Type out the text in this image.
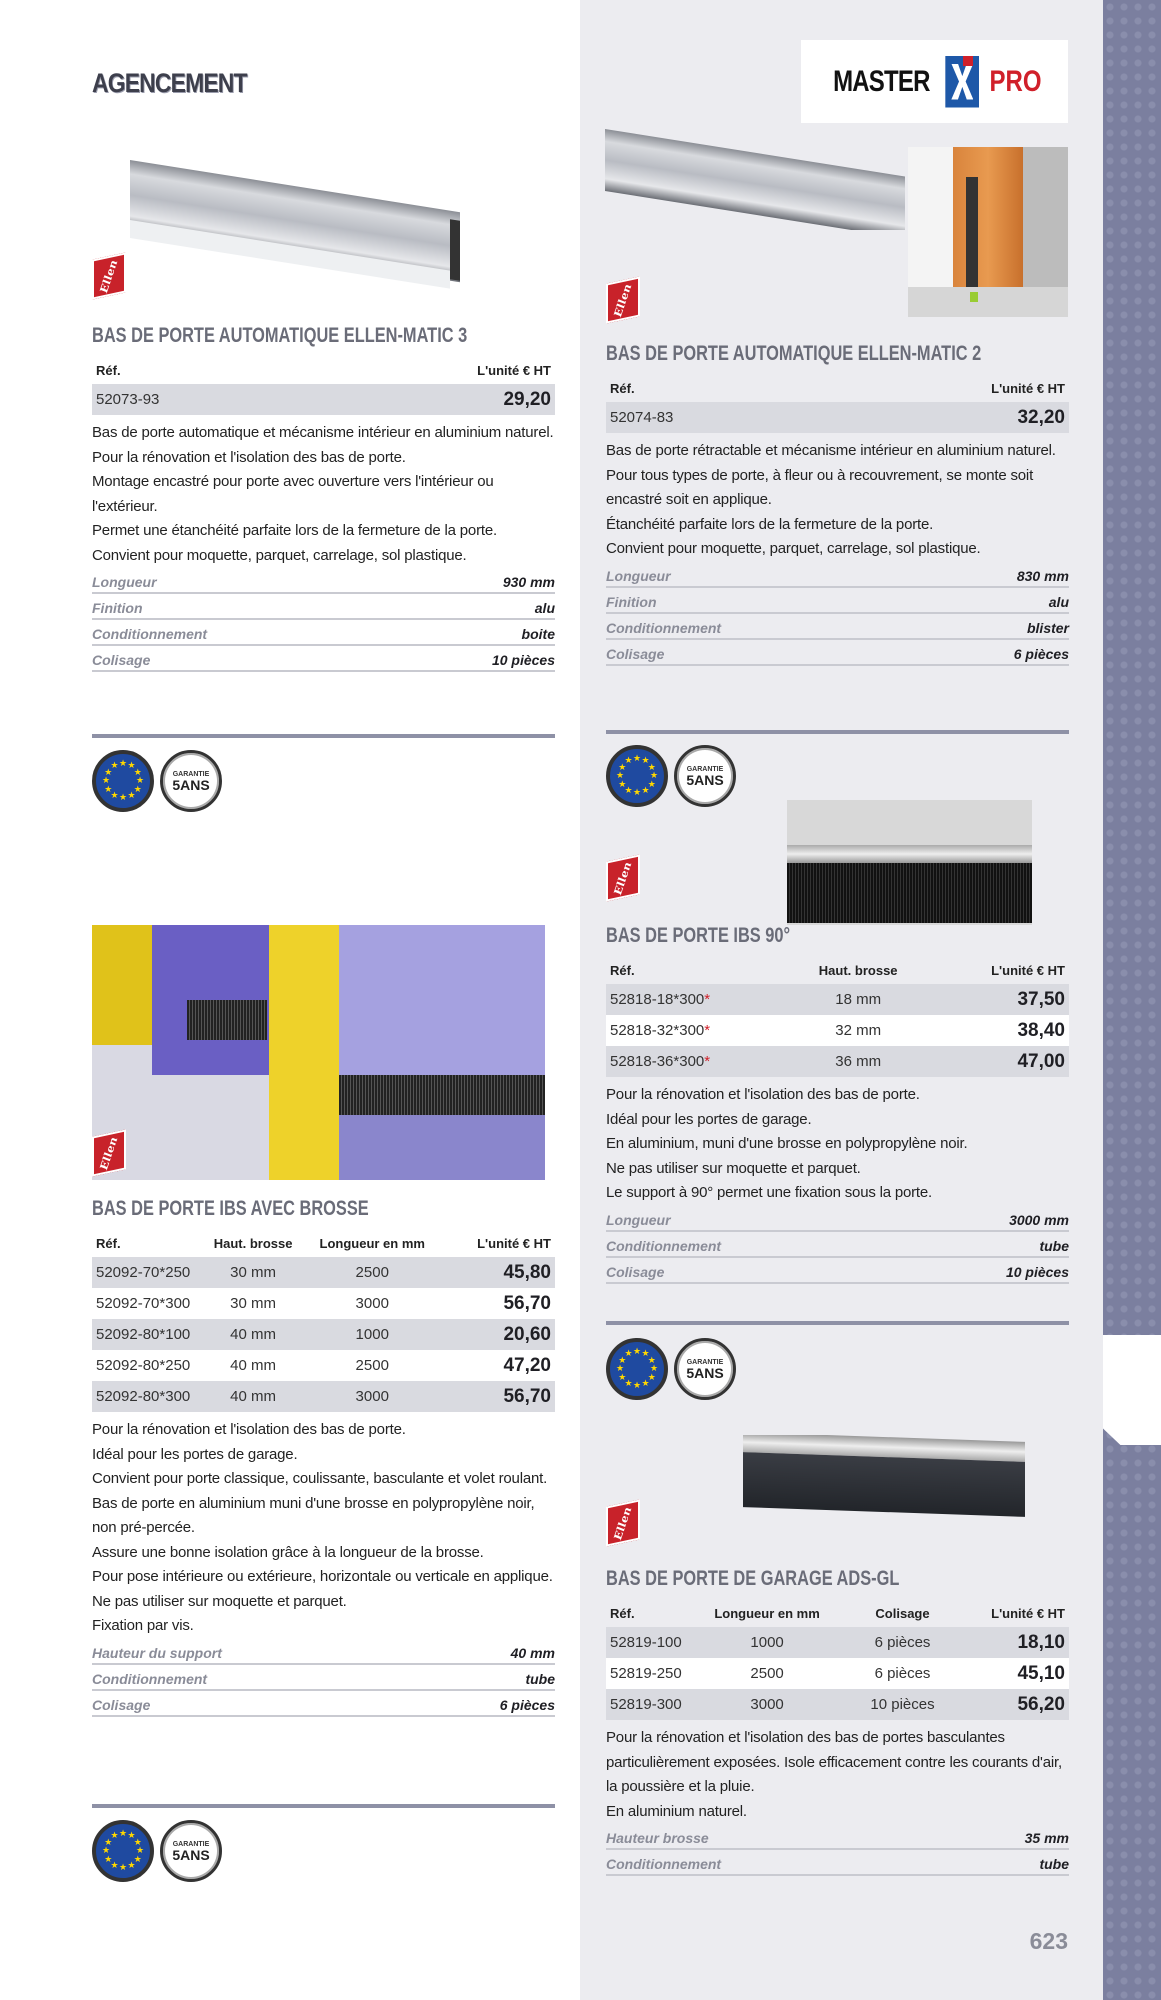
AGENCEMENT	MASTER PRO
Ellen
Ellen
Ellen
Ellen
Ellen
BAS DE PORTE AUTOMATIQUE ELLEN-MATIC 3
Réf.	L'unité € HT
52073-93	29,20
Bas de porte automatique et mécanisme intérieur en aluminium naturel.
Pour la rénovation et l'isolation des bas de porte.
Montage encastré pour porte avec ouverture vers l'intérieur ou l'extérieur.
Permet une étanchéité parfaite lors de la fermeture de la porte.
Convient pour moquette, parquet, carrelage, sol plastique.
Longueur	930 mm
Finition	alu
Conditionnement	boite
Colisage	10 pièces
BAS DE PORTE AUTOMATIQUE ELLEN-MATIC 2
Réf.	L'unité € HT
52074-83	32,20
Bas de porte rétractable et mécanisme intérieur en aluminium naturel.
Pour tous types de porte, à fleur ou à recouvrement, se monte soit encastré soit en applique.
Étanchéité parfaite lors de la fermeture de la porte.
Convient pour moquette, parquet, carrelage, sol plastique.
Longueur	830 mm
Finition	alu
Conditionnement	blister
Colisage	6 pièces
BAS DE PORTE IBS 90°
Réf.	Haut. brosse	L'unité € HT
52818-18*300*	18 mm	37,50
52818-32*300*	32 mm	38,40
52818-36*300*	36 mm	47,00
Pour la rénovation et l'isolation des bas de porte.
Idéal pour les portes de garage.
En aluminium, muni d'une brosse en polypropylène noir.
Ne pas utiliser sur moquette et parquet.
Le support à 90° permet une fixation sous la porte.
Longueur	3000 mm
Conditionnement	tube
Colisage	10 pièces
BAS DE PORTE IBS AVEC BROSSE
Réf.	Haut. brosse	Longueur en mm	L'unité € HT
52092-70*250	30 mm	2500	45,80
52092-70*300	30 mm	3000	56,70
52092-80*100	40 mm	1000	20,60
52092-80*250	40 mm	2500	47,20
52092-80*300	40 mm	3000	56,70
Pour la rénovation et l'isolation des bas de porte.
Idéal pour les portes de garage.
Convient pour porte classique, coulissante, basculante et volet roulant.
Bas de porte en aluminium muni d'une brosse en polypropylène noir, non pré-percée.
Assure une bonne isolation grâce à la longueur de la brosse.
Pour pose intérieure ou extérieure, horizontale ou verticale en applique.
Ne pas utiliser sur moquette et parquet.
Fixation par vis.
Hauteur du support	40 mm
Conditionnement	tube
Colisage	6 pièces
BAS DE PORTE DE GARAGE ADS-GL
Réf.	Longueur en mm	Colisage	L'unité € HT
52819-100	1000	6 pièces	18,10
52819-250	2500	6 pièces	45,10
52819-300	3000	10 pièces	56,20
Pour la rénovation et l'isolation des bas de portes basculantes particulièrement exposées. Isole efficacement contre les courants d'air, la poussière et la pluie.
En aluminium naturel.
Hauteur brosse	35 mm
Conditionnement	tube
★
★
★
★
★
★
★
★
★ ★ ★
★	GARANTIE
5ANS
★
★
★
★
★
★
★
★
★ ★ ★
★	GARANTIE
5ANS
★
★
★
★
★
★
★
★
★ ★ ★
★	GARANTIE
5ANS
★
★
★
★
★
★
★
★
★ ★ ★
★	GARANTIE
5ANS
623
